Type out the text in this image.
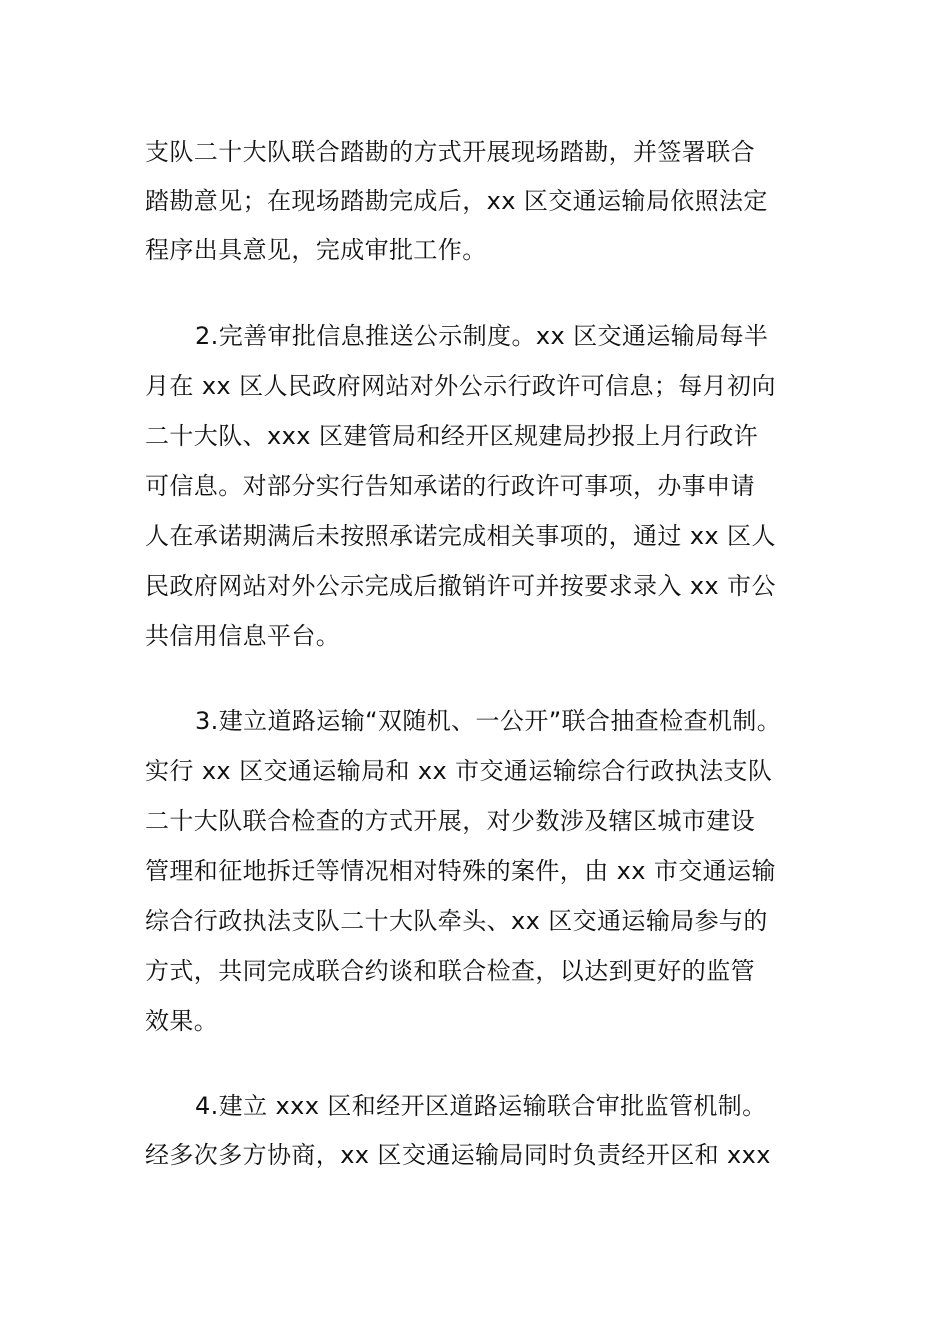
支队二十大队联合踏勘的方式开展现场踏勘，并签署联合
踏勘意见；在现场踏勘完成后，xx 区交通运输局依照法定
程序出具意见，完成审批工作。
2.完善审批信息推送公示制度。xx 区交通运输局每半
月在 xx 区人民政府网站对外公示行政许可信息；每月初向
二十大队、xxx 区建管局和经开区规建局抄报上月行政许
可信息。对部分实行告知承诺的行政许可事项，办事申请
人在承诺期满后未按照承诺完成相关事项的，通过 xx 区人
民政府网站对外公示完成后撤销许可并按要求录入 xx 市公
共信用信息平台。
3.建立道路运输“双随机、一公开”联合抽查检查机制。
实行 xx 区交通运输局和 xx 市交通运输综合行政执法支队
二十大队联合检查的方式开展，对少数涉及辖区城市建设
管理和征地拆迁等情况相对特殊的案件，由 xx 市交通运输
综合行政执法支队二十大队牵头、xx 区交通运输局参与的
方式，共同完成联合约谈和联合检查，以达到更好的监管
效果。
4.建立 xxx 区和经开区道路运输联合审批监管机制。
经多次多方协商，xx 区交通运输局同时负责经开区和 xxx
